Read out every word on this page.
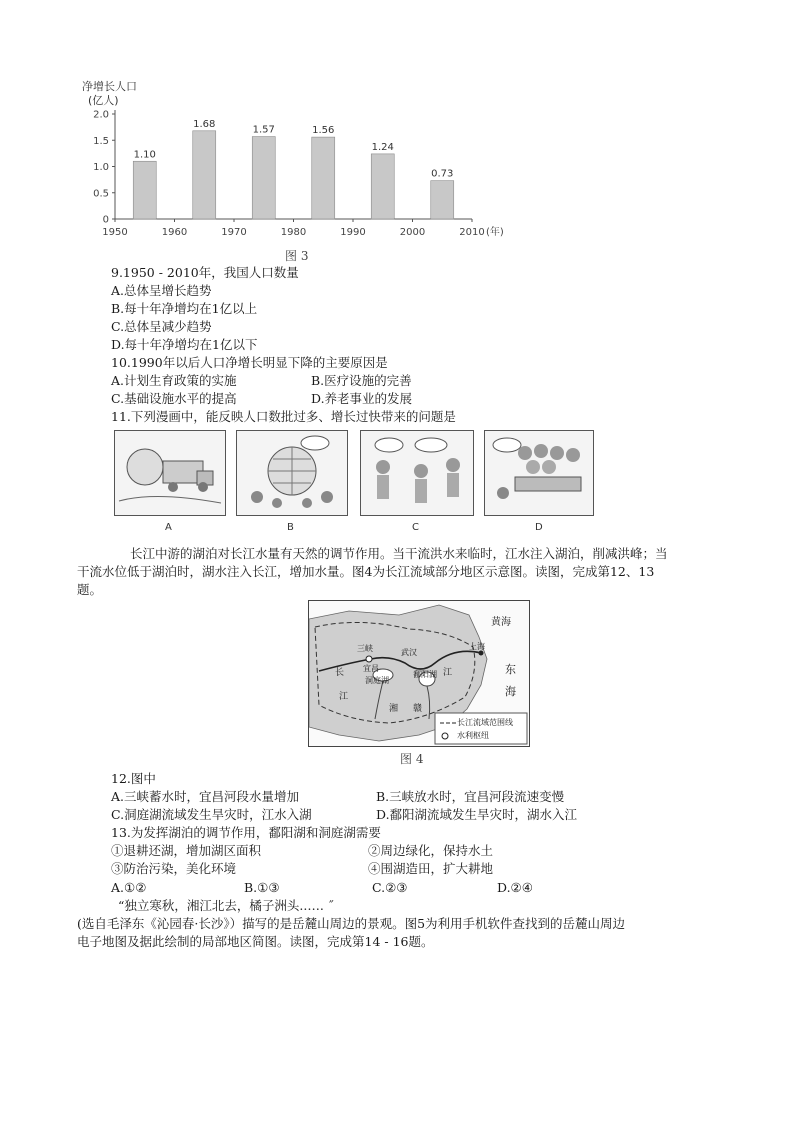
净增长人口
(亿人)
0
0.5
1.0
1.5
2.0
1950	1960	1970	1980	1990	2000	2010 (年)
1.10
1.68
1.57	1.56
1.24
0.73
图 3
9.1950 - 2010年，我国人口数量
A.总体呈增长趋势
B.每十年净增均在1亿以上
C.总体呈减少趋势
D.每十年净增均在1亿以下
10.1990年以后人口净增长明显下降的主要原因是
A.计划生育政策的实施	B.医疗设施的完善
C.基础设施水平的提高	D.养老事业的发展
11.下列漫画中，能反映人口数批过多、增长过快带来的问题是
A	B	C	D
长江中游的湖泊对长江水量有天然的调节作用。当干流洪水来临时，江水注入湖泊，削减洪峰；当
干流水位低于湖泊时，湖水注入长江，增加水量。图4为长江流域部分地区示意图。读图，完成第12、13
题。
黄海
东
海
上海
三峡	武汉
宜昌
洞庭湖
鄱阳湖
长
江
江
湘 赣
长江流域范围线
水利枢纽
图 4
12.图中
A.三峡蓄水时，宜昌河段水量增加	B.三峡放水时，宜昌河段流速变慢
C.洞庭湖流域发生旱灾时，江水入湖	D.鄱阳湖流域发生旱灾时，湖水入江
13.为发挥湖泊的调节作用，鄱阳湖和洞庭湖需要
①退耕还湖，增加湖区面积	②周边绿化，保持水土
③防治污染，美化环境	④围湖造田，扩大耕地
A.①②	B.①③	C.②③	D.②④
“独立寒秋，湘江北去，橘子洲头..…. ˝
(选自毛泽东《沁园春·长沙》）描写的是岳麓山周边的景观。图5为利用手机软件查找到的岳麓山周边
电子地图及据此绘制的局部地区简图。读图，完成第14 - 16题。
